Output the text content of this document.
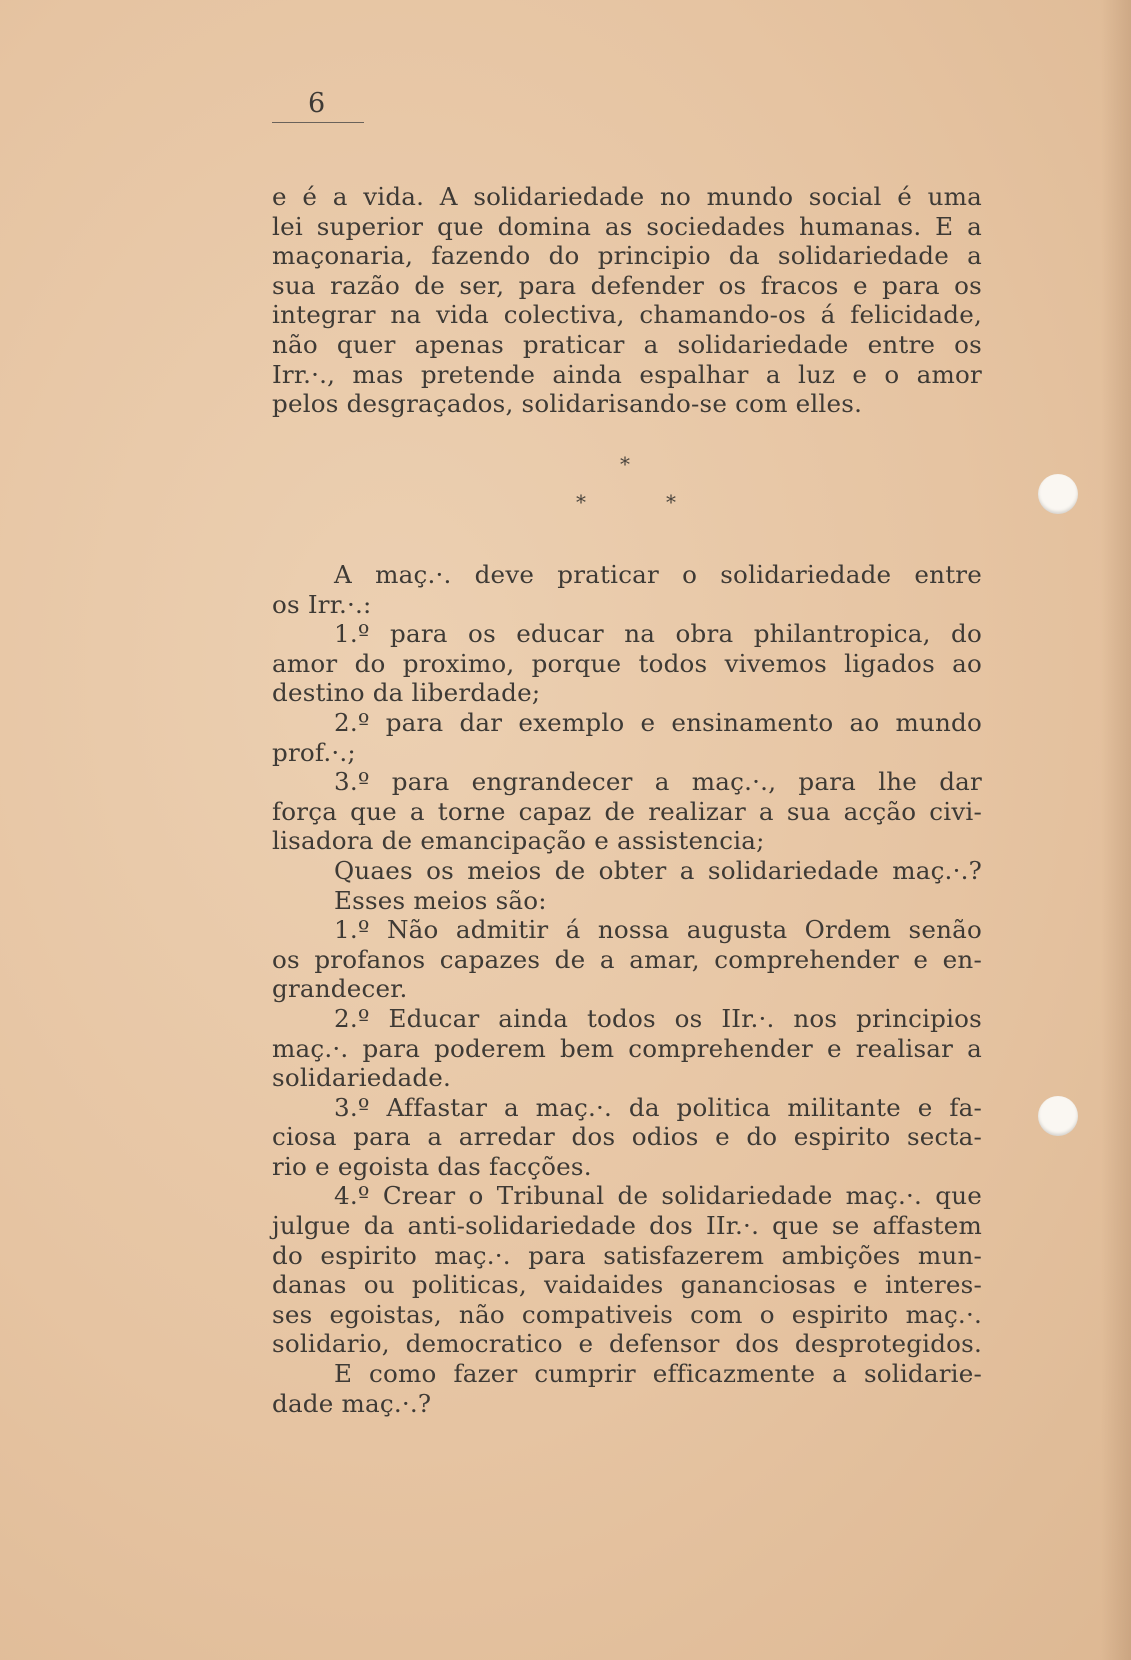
6
e é a vida. A solidariedade no mundo social é uma
lei superior que domina as sociedades humanas. E a
maçonaria, fazendo do principio da solidariedade a
sua razão de ser, para defender os fracos e para os
integrar na vida colectiva, chamando-os á felicidade,
não quer apenas praticar a solidariedade entre os
Irr.·., mas pretende ainda espalhar a luz e o amor
pelos desgraçados, solidarisando-se com elles.
*
*	*
A maç.·. deve praticar o solidariedade entre
os Irr.·.:
1.º para os educar na obra philantropica, do
amor do proximo, porque todos vivemos ligados ao
destino da liberdade;
2.º para dar exemplo e ensinamento ao mundo
prof.·.;
3.º para engrandecer a maç.·., para lhe dar
força que a torne capaz de realizar a sua acção civi-
lisadora de emancipação e assistencia;
Quaes os meios de obter a solidariedade maç.·.?
Esses meios são:
1.º Não admitir á nossa augusta Ordem senão
os profanos capazes de a amar, comprehender e en-
grandecer.
2.º Educar ainda todos os IIr.·. nos principios
maç.·. para poderem bem comprehender e realisar a
solidariedade.
3.º Affastar a maç.·. da politica militante e fa-
ciosa para a arredar dos odios e do espirito secta-
rio e egoista das facções.
4.º Crear o Tribunal de solidariedade maç.·. que
julgue da anti-solidariedade dos IIr.·. que se affastem
do espirito maç.·. para satisfazerem ambições mun-
danas ou politicas, vaidaides gananciosas e interes-
ses egoistas, não compativeis com o espirito maç.·.
solidario, democratico e defensor dos desprotegidos.
E como fazer cumprir efficazmente a solidarie-
dade maç.·.?
